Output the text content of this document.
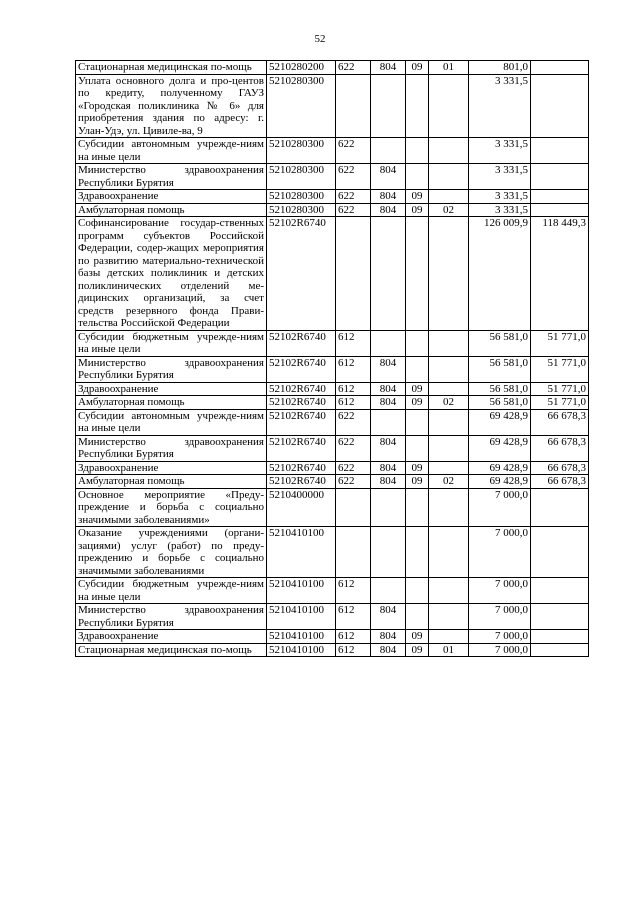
52
Стационарная медицинская по-мощь	5210280200	622	804	09	01	801,0	
Уплата основного долга и про-центов по кредиту, полученному ГАУЗ «Городская поликлиника № 6» для приобретения здания по адресу: г. Улан-Удэ, ул. Цивиле-ва, 9	5210280300					3 331,5	
Субсидии автономным учрежде-ниям на иные цели	5210280300	622				3 331,5	
Министерство здравоохранения Республики Бурятия	5210280300	622	804			3 331,5	
Здравоохранение	5210280300	622	804	09		3 331,5	
Амбулаторная помощь	5210280300	622	804	09	02	3 331,5	
Софинансирование государ-ственных программ субъектов Российской Федерации, содер-жащих мероприятия по развитию материально-технической базы детских поликлиник и детских поликлинических отделений ме-дицинских организаций, за счет средств резервного фонда Прави-тельства Российской Федерации	52102R6740					126 009,9	118 449,3
Субсидии бюджетным учрежде-ниям на иные цели	52102R6740	612				56 581,0	51 771,0
Министерство здравоохранения Республики Бурятия	52102R6740	612	804			56 581,0	51 771,0
Здравоохранение	52102R6740	612	804	09		56 581,0	51 771,0
Амбулаторная помощь	52102R6740	612	804	09	02	56 581,0	51 771,0
Субсидии автономным учрежде-ниям на иные цели	52102R6740	622				69 428,9	66 678,3
Министерство здравоохранения Республики Бурятия	52102R6740	622	804			69 428,9	66 678,3
Здравоохранение	52102R6740	622	804	09		69 428,9	66 678,3
Амбулаторная помощь	52102R6740	622	804	09	02	69 428,9	66 678,3
Основное мероприятие «Преду-преждение и борьба с социально значимыми заболеваниями»	5210400000					7 000,0	
Оказание учреждениями (органи-зациями) услуг (работ) по преду-преждению и борьбе с социально значимыми заболеваниями	5210410100					7 000,0	
Субсидии бюджетным учрежде-ниям на иные цели	5210410100	612				7 000,0	
Министерство здравоохранения Республики Бурятия	5210410100	612	804			7 000,0	
Здравоохранение	5210410100	612	804	09		7 000,0	
Стационарная медицинская по-мощь	5210410100	612	804	09	01	7 000,0	
